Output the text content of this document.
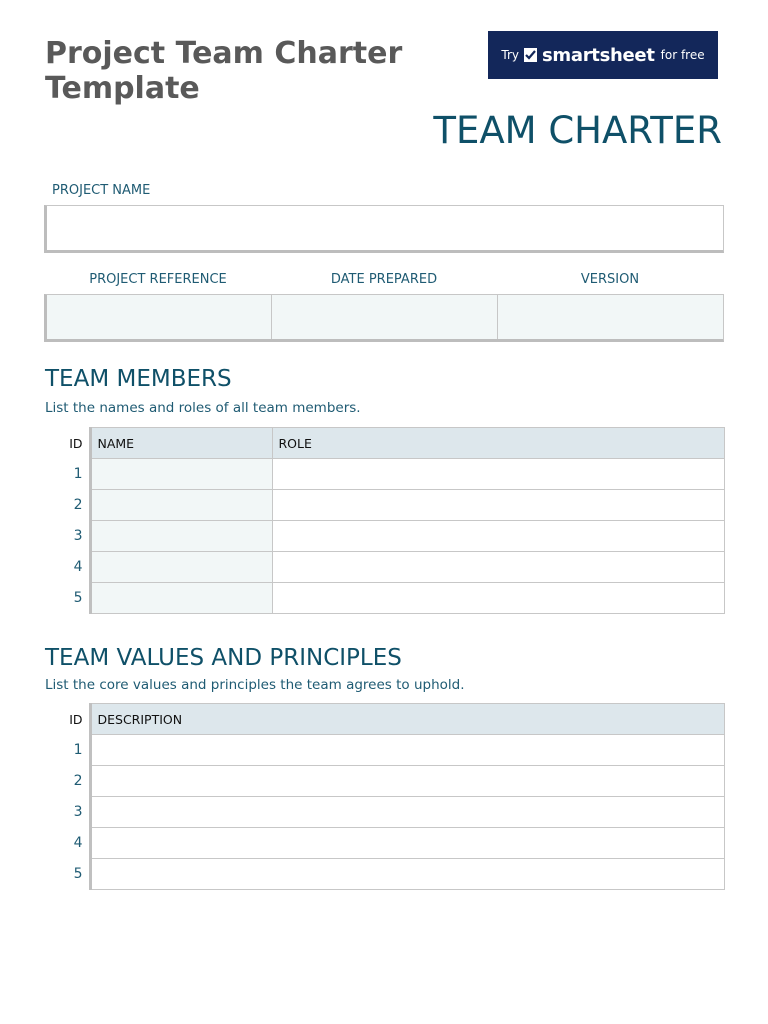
Project Team Charter Template
Try smartsheet for free
TEAM CHARTER
PROJECT NAME
PROJECT REFERENCE	DATE PREPARED	VERSION
TEAM MEMBERS

List the names and roles of all team members.

ID	NAME	ROLE
1		
2		
3		
4		
5		
TEAM VALUES AND PRINCIPLES

List the core values and principles the team agrees to uphold.

ID	DESCRIPTION
1	
2	
3	
4	
5	
